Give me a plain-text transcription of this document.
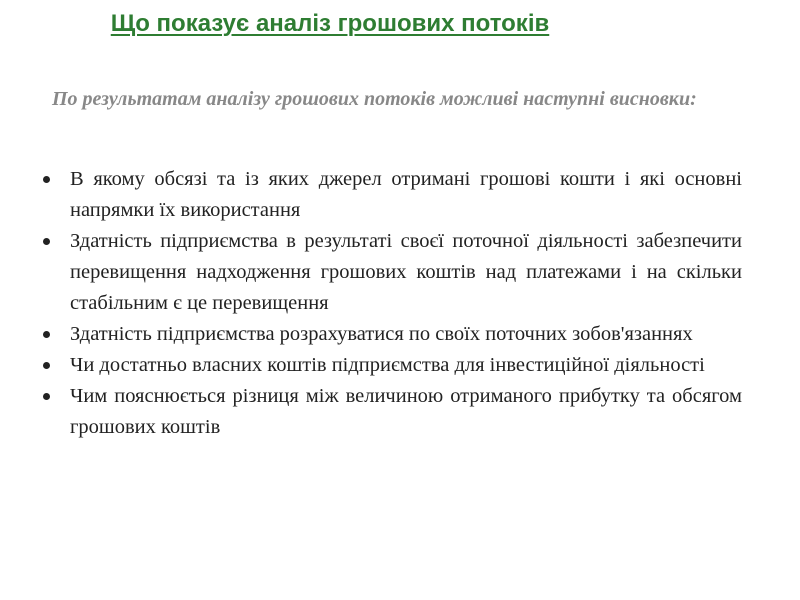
Що показує аналіз грошових потоків

По результатам аналізу грошових потоків можливі наступні висновки:

В якому обсязі та із яких джерел отримані грошові кошти і які основні напрямки їх використання
Здатність підприємства в результаті своєї поточної діяльності забезпечити перевищення надходження грошових коштів над платежами і на скільки стабільним є це перевищення
Здатність підприємства розрахуватися по своїх поточних зобов'язаннях
Чи достатньо власних коштів підприємства для інвестиційної діяльності
Чим пояснюється різниця між величиною отриманого прибутку та обсягом грошових коштів
